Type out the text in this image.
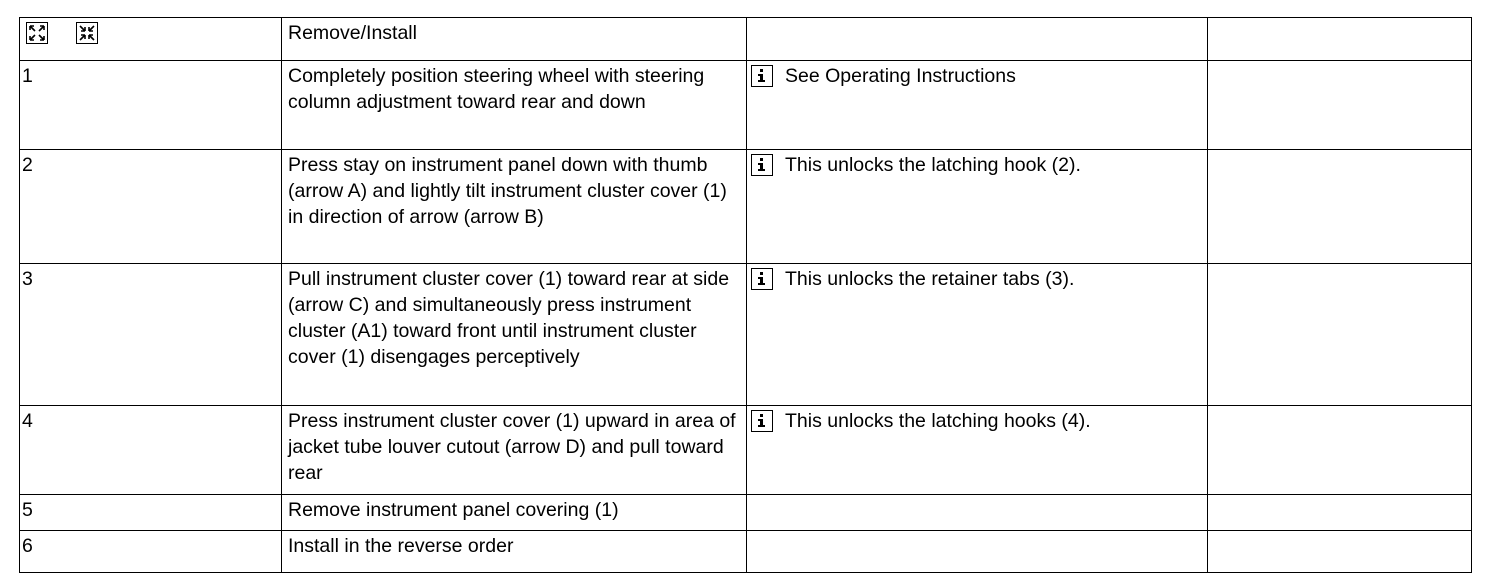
Remove/Install		

1	Completely position steering wheel with steering column adjustment toward rear and down	See Operating Instructions	

2	Press stay on instrument panel down with thumb (arrow A) and lightly tilt instrument cluster cover (1) in direction of arrow (arrow B)	This unlocks the latching hook (2).	

3	Pull instrument cluster cover (1) toward rear at side (arrow C) and simultaneously press instrument cluster (A1) toward front until instrument cluster cover (1) disengages perceptively	This unlocks the retainer tabs (3).	

4	Press instrument cluster cover (1) upward in area of jacket tube louver cutout (arrow D) and pull toward rear	This unlocks the latching hooks (4).	

5	Remove instrument panel covering (1)		

6	Install in the reverse order		
